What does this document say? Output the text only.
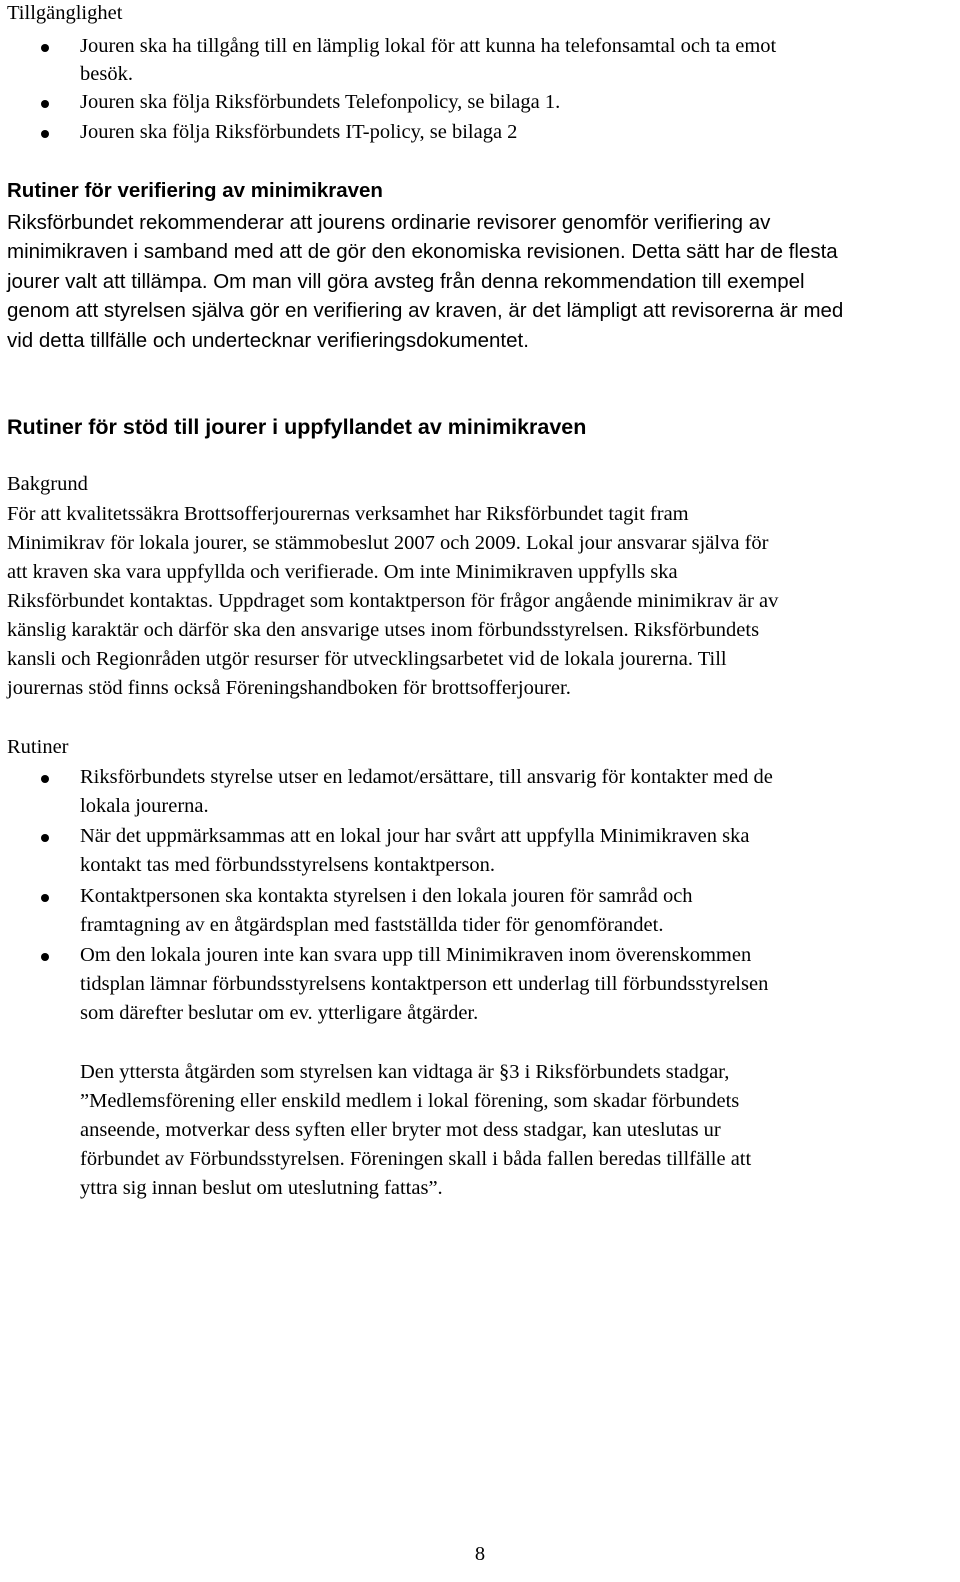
Tillgänglighet
Jouren ska ha tillgång till en lämplig lokal för att kunna ha telefonsamtal och ta emot
besök.
Jouren ska följa Riksförbundets Telefonpolicy, se bilaga 1.
Jouren ska följa Riksförbundets IT-policy, se bilaga 2
Rutiner för verifiering av minimikraven
Riksförbundet rekommenderar att jourens ordinarie revisorer genomför verifiering av
minimikraven i samband med att de gör den ekonomiska revisionen. Detta sätt har de flesta
jourer valt att tillämpa. Om man vill göra avsteg från denna rekommendation till exempel
genom att styrelsen själva gör en verifiering av kraven, är det lämpligt att revisorerna är med
vid detta tillfälle och undertecknar verifieringsdokumentet.
Rutiner för stöd till jourer i uppfyllandet av minimikraven
Bakgrund
För att kvalitetssäkra Brottsofferjourernas verksamhet har Riksförbundet tagit fram
Minimikrav för lokala jourer, se stämmobeslut 2007 och 2009. Lokal jour ansvarar själva för
att kraven ska vara uppfyllda och verifierade. Om inte Minimikraven uppfylls ska
Riksförbundet kontaktas. Uppdraget som kontaktperson för frågor angående minimikrav är av
känslig karaktär och därför ska den ansvarige utses inom förbundsstyrelsen. Riksförbundets
kansli och Regionråden utgör resurser för utvecklingsarbetet vid de lokala jourerna. Till
jourernas stöd finns också Föreningshandboken för brottsofferjourer.
Rutiner
Riksförbundets styrelse utser en ledamot/ersättare, till ansvarig för kontakter med de
lokala jourerna.
När det uppmärksammas att en lokal jour har svårt att uppfylla Minimikraven ska
kontakt tas med förbundsstyrelsens kontaktperson.
Kontaktpersonen ska kontakta styrelsen i den lokala jouren för samråd och
framtagning av en åtgärdsplan med fastställda tider för genomförandet.
Om den lokala jouren inte kan svara upp till Minimikraven inom överenskommen
tidsplan lämnar förbundsstyrelsens kontaktperson ett underlag till förbundsstyrelsen
som därefter beslutar om ev. ytterligare åtgärder.
Den yttersta åtgärden som styrelsen kan vidtaga är §3 i Riksförbundets stadgar,
”Medlemsförening eller enskild medlem i lokal förening, som skadar förbundets
anseende, motverkar dess syften eller bryter mot dess stadgar, kan uteslutas ur
förbundet av Förbundsstyrelsen. Föreningen skall i båda fallen beredas tillfälle att
yttra sig innan beslut om uteslutning fattas”.
8
